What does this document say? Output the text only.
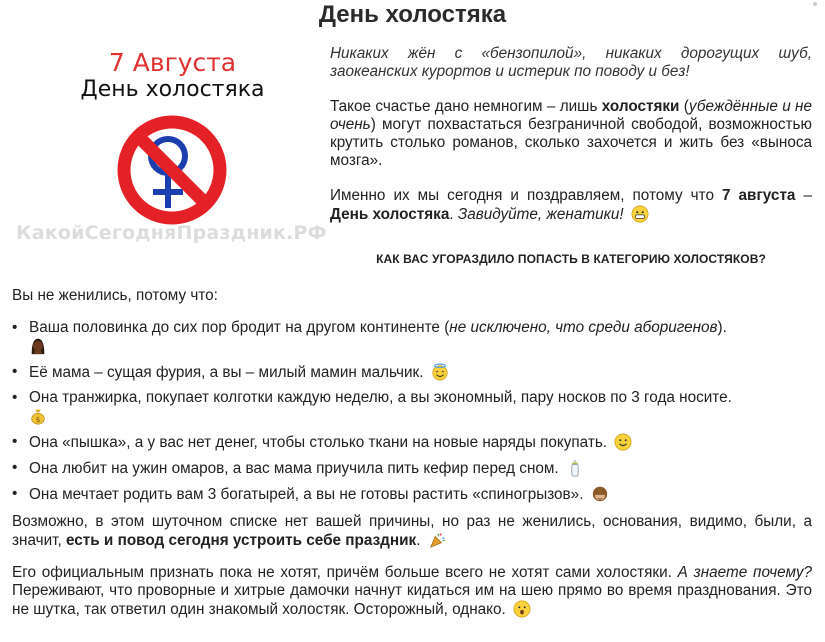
День холостяка
7 Августа
День холостяка
КакойСегодняПраздник.РФ

Никаких жён с «бензопилой», никаких дорогущих шуб, заокеанских курортов и истерик по поводу и без!

Такое счастье дано немногим – лишь холостяки (убеждённые и не очень) могут похвастаться безграничной свободой, возможностью крутить столько романов, сколько захочется и жить без «выноса мозга».

Именно их мы сегодня и поздравляем, потому что 7 августа – День холостяка. Завидуйте, женатики!

КАК ВАС УГОРАЗДИЛО ПОПАСТЬ В КАТЕГОРИЮ ХОЛОСТЯКОВ?

Вы не женились, потому что:

• Ваша половинка до сих пор бродит на другом континенте (не исключено, что среди аборигенов).

• Её мама – сущая фурия, а вы – милый мамин мальчик.
• Она транжирка, покупает колготки каждую неделю, а вы экономный, пару носков по 3 года носите.

$
• Она «пышка», а у вас нет денег, чтобы столько ткани на новые наряды покупать.
• Она любит на ужин омаров, а вас мама приучила пить кефир перед сном.
• Она мечтает родить вам 3 богатырей, а вы не готовы растить «спиногрызов».

Возможно, в этом шуточном списке нет вашей причины, но раз не женились, основания, видимо, были, а значит, есть и повод сегодня устроить себе праздник.

Его официальным признать пока не хотят, причём больше всего не хотят сами холостяки. А знаете почему? Переживают, что проворные и хитрые дамочки начнут кидаться им на шею прямо во время празднования. Это не шутка, так ответил один знакомый холостяк. Осторожный, однако.
